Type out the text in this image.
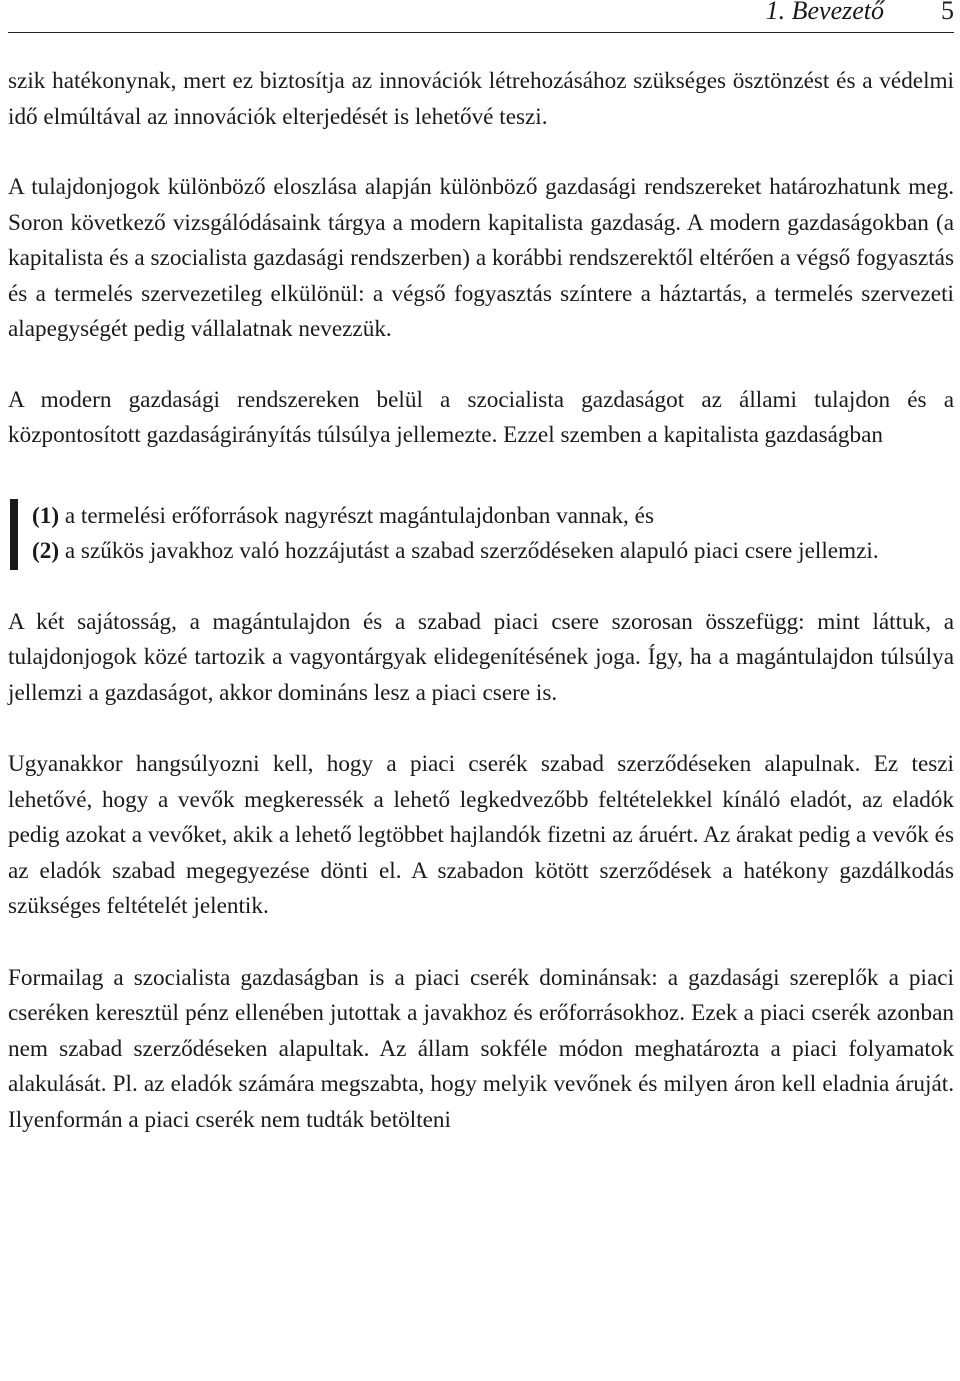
1. Bevezető 5

szik hatékonynak, mert ez biztosítja az innovációk létrehozásához szükséges ösztönzést és a védelmi idő elmúltával az innovációk elterjedését is lehetővé teszi.

A tulajdonjogok különböző eloszlása alapján különböző gazdasági rendszereket határozhatunk meg. Soron következő vizsgálódásaink tárgya a modern kapitalista gazdaság. A modern gazdaságokban (a kapitalista és a szocialista gazdasági rendszerben) a korábbi rendszerektől eltérően a végső fogyasztás és a termelés szervezetileg elkülönül: a végső fogyasztás színtere a háztartás, a termelés szervezeti alapegységét pedig vállalatnak nevezzük.

A modern gazdasági rendszereken belül a szocialista gazdaságot az állami tulajdon és a központosított gazdaságirányítás túlsúlya jellemezte. Ezzel szemben a kapitalista gazdaságban

(1) a termelési erőforrások nagyrészt magántulajdonban vannak, és
(2) a szűkös javakhoz való hozzájutást a szabad szerződéseken alapuló piaci csere jellemzi.

A két sajátosság, a magántulajdon és a szabad piaci csere szorosan összefügg: mint láttuk, a tulajdonjogok közé tartozik a vagyontárgyak elidegenítésének joga. Így, ha a magántulajdon túlsúlya jellemzi a gazdaságot, akkor domináns lesz a piaci csere is.

Ugyanakkor hangsúlyozni kell, hogy a piaci cserék szabad szerződéseken alapulnak. Ez teszi lehetővé, hogy a vevők megkeressék a lehető legkedvezőbb feltételekkel kínáló eladót, az eladók pedig azokat a vevőket, akik a lehető legtöbbet hajlandók fizetni az áruért. Az árakat pedig a vevők és az eladók szabad megegyezése dönti el. A szabadon kötött szerződések a hatékony gazdálkodás szükséges feltételét jelentik.

Formailag a szocialista gazdaságban is a piaci cserék dominánsak: a gazdasági szereplők a piaci cseréken keresztül pénz ellenében jutottak a javakhoz és erőforrásokhoz. Ezek a piaci cserék azonban nem szabad szerződéseken alapultak. Az állam sokféle módon meghatározta a piaci folyamatok alakulását. Pl. az eladók számára megszabta, hogy melyik vevőnek és milyen áron kell eladnia áruját. Ilyenformán a piaci cserék nem tudták betölteni
